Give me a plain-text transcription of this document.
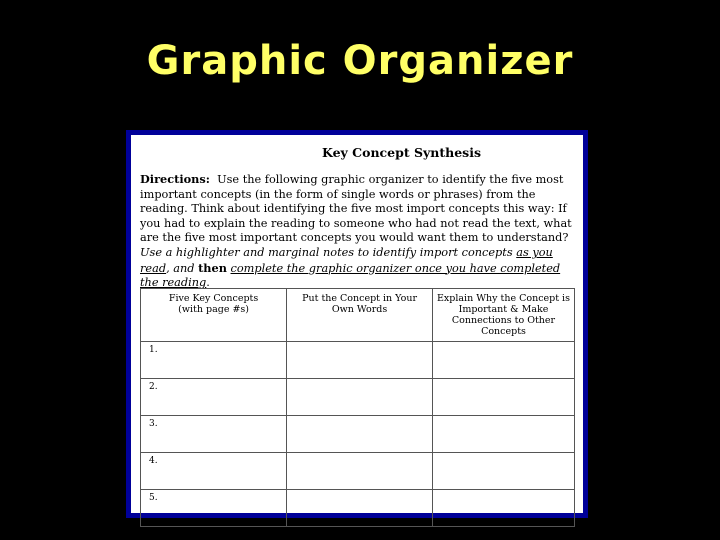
Graphic Organizer
Key Concept Synthesis

Directions: Use the following graphic organizer to identify the five most important concepts (in the form of single words or phrases) from the reading. Think about identifying the five most import concepts this way: If you had to explain the reading to someone who had not read the text, what are the five most important concepts you would want them to understand?  Use a highlighter and marginal notes to identify import concepts as you read, and then complete the graphic organizer once you have completed the reading.

Five Key Concepts
(with page #s)	Put the Concept in Your Own Words	Explain Why the Concept is Important & Make Connections to Other Concepts
1.		
2.		
3.		
4.		
5.		
